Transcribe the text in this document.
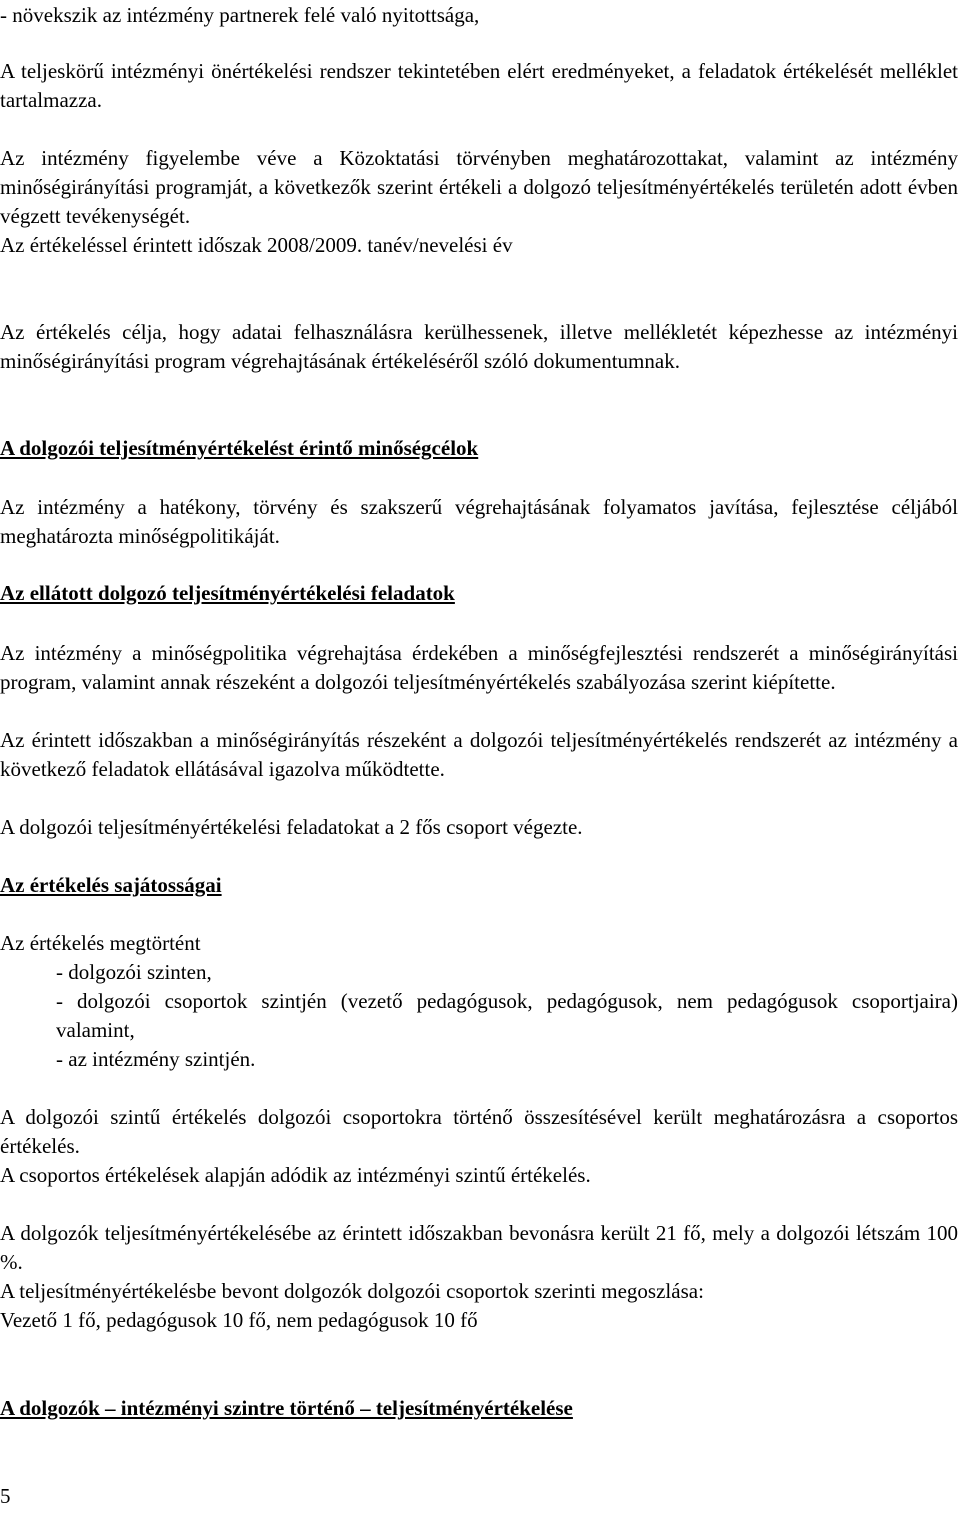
- növekszik az intézmény partnerek felé való nyitottsága,

A teljeskörű intézményi önértékelési rendszer tekintetében elért eredményeket, a feladatok értékelését melléklet tartalmazza.

Az intézmény figyelembe véve a Közoktatási törvényben meghatározottakat, valamint az intézmény minőségirányítási programját, a következők szerint értékeli a dolgozó teljesítményértékelés területén adott évben végzett tevékenységét.

Az értékeléssel érintett időszak 2008/2009. tanév/nevelési év

Az értékelés célja, hogy adatai felhasználásra kerülhessenek, illetve mellékletét képezhesse az intézményi minőségirányítási program végrehajtásának értékeléséről szóló dokumentumnak.

A dolgozói teljesítményértékelést érintő minőségcélok

Az intézmény a hatékony, törvény és szakszerű végrehajtásának folyamatos javítása, fejlesztése céljából meghatározta minőségpolitikáját.

Az ellátott dolgozó teljesítményértékelési feladatok

Az intézmény a minőségpolitika végrehajtása érdekében a minőségfejlesztési rendszerét a minőségirányítási program, valamint annak részeként a dolgozói teljesítményértékelés szabályozása szerint kiépítette.

Az érintett időszakban a minőségirányítás részeként a dolgozói teljesítményértékelés rendszerét az intézmény a következő feladatok ellátásával igazolva működtette.

A dolgozói teljesítményértékelési feladatokat a 2 fős csoport végezte.

Az értékelés sajátosságai

Az értékelés megtörtént

- dolgozói szinten,

- dolgozói csoportok szintjén (vezető pedagógusok, pedagógusok, nem pedagógusok csoportjaira) valamint,

- az intézmény szintjén.

A dolgozói szintű értékelés dolgozói csoportokra történő összesítésével került meghatározásra a csoportos értékelés.

A csoportos értékelések alapján adódik az intézményi szintű értékelés.

A dolgozók teljesítményértékelésébe az érintett időszakban bevonásra került 21 fő, mely a dolgozói létszám 100 %.

A teljesítményértékelésbe bevont dolgozók dolgozói csoportok szerinti megoszlása:

Vezető 1 fő, pedagógusok 10 fő, nem pedagógusok 10 fő

A dolgozók – intézményi szintre történő – teljesítményértékelése

5
